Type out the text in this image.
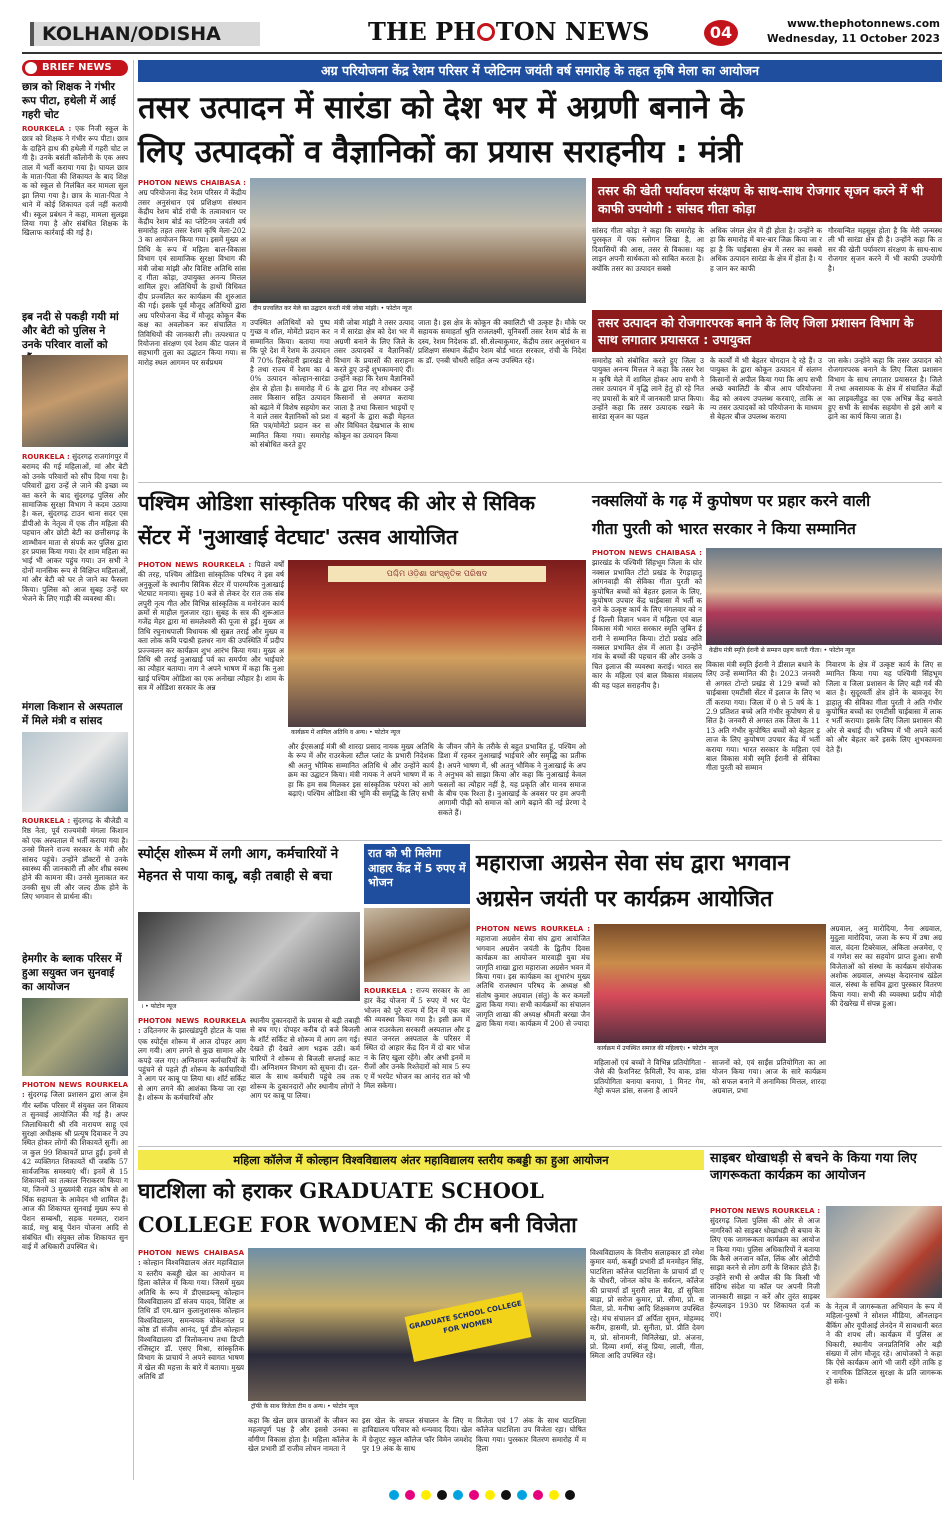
KOLHAN/ODISHA	THE PH TON NEWS	04	www.thephotonnews.com
Wednesday, 11 October 2023
BRIEF NEWS
छात्र को शिक्षक ने गंभीर रूप पीटा, हथेली में आई गहरी चोट
ROURKELA : एक निजी स्कूल के छात्र को शिक्षक ने गंभीर रूप पीटा। छात्र के दाहिने हाथ की हथेली में गहरी चोट लगी है। उनके बसंती कॉलोनी के एक अस्पताल में भर्ती कराया गया है। घायल छात्र के माता-पिता की शिकायत के बाद शिक्षक को स्कूल से निलंबित कर मामला सुलझा लिया गया है। छात्र के माता-पिता ने थाने में कोई शिकायत दर्ज नहीं करायी थी। स्कूल प्रबंधन ने कहा, मामला सुलझा लिया गया है और संबंधित शिक्षक के खिलाफ कार्रवाई की गई है।
इब नदी से पकड़ी गयी मां और बेटी को पुलिस ने उनके परिवार वालों को
ROURKELA : सुंदरगढ़ राजगांगपुर में बरामद की गई महिलाओं, मां और बेटी को उनके परिवारों को सौंप दिया गया है। परिवारों द्वारा उन्हें ले जाने की इच्छा व्यक्त करने के बाद सुंदरगढ़ पुलिस और सामाजिक सुरक्षा विभाग ने कदम उठाया है। कल, सुंदरगढ़ टाउन थाना सदर एसडीपीओ के नेतृत्व में एक तीन महिला की पहचान और छोटी बेटी का छत्तीसगढ़ के शाम्भीवन माता से संपर्क कर पुलिस द्वारा हर प्रयास किया गया। देर शाम महिला का भाई भी आकर पहुंच गया। उन सभी ने दोनों मानसिक रूप से विक्षिप्त महिलाओं, मां और बेटी को घर ले जाने का फैसला किया। पुलिस को आज सुबह उन्हें घर भेजने के लिए गाड़ी की व्यवस्था की।
मंगला किशान से अस्पताल में मिले मंत्री व सांसद
ROURKELA : सुंदरगढ़ के बीजेडी वरिष्ठ नेता, पूर्व राज्यमंत्री मंगला किशान को एक अस्पताल में भर्ती कराया गया है। उनसे मिलने राज्य सरकार के मंत्री और सांसद पहुंचे। उन्होंने डॉक्टरों से उनके स्वास्थ्य की जानकारी ली और शीघ्र स्वस्थ होने की कामना की। उनसे मुलाकात कर उनकी सुध ली और जल्द ठीक होने के लिए भगवान से प्रार्थना की।
हेमगीर के ब्लाक परिसर में हुआ सयुक्त जन सुनवाई का आयोजन
PHOTON NEWS ROURKELA : सुंदरगढ़ जिला प्रशासन द्वारा आज हेमगीर ब्लॉक परिसर में संयुक्त जन शिकायत सुनवाई आयोजित की गई है। अपर जिलाधिकारी श्री रवि नारायण साहू एवं सुरक्षा अधीक्षक श्री प्रत्यूष दिवाकर ने उपस्थित होकर लोगों की शिकायतें सुनीं। आज कुल 99 शिकायतें प्राप्त हुईं। इनमें से 42 व्यक्तिगत शिकायतें थीं जबकि 57 सार्वजनिक समस्याएं थीं। इनमें से 15 शिकायतों का तत्काल निराकरण किया गया, जिनमें 3 मुख्यमंत्री राहत कोष से आर्थिक सहायता के आवेदन भी शामिल हैं। आज की शिकायत सुनवाई मुख्य रूप से पेंशन सम्बन्धी, सड़क मरम्मत, राशन कार्ड, मधु बाबू पेंशन योजना आदि से संबंधित थीं। संयुक्त लोक शिकायत सुनवाई में अधिकारी उपस्थित थे।
अग्र परियोजना केंद्र रेशम परिसर में प्लेटिनम जयंती वर्ष समारोह के तहत कृषि मेला का आयोजन
तसर उत्पादन में सारंडा को देश भर में अग्रणी बनाने के
लिए उत्पादकों व वैज्ञानिकों का प्रयास सराहनीय : मंत्री
PHOTON NEWS CHAIBASA : अग्र परियोजना केंद्र रेशम परिसर में केंद्रीय तसर अनुसंधान एवं प्रशिक्षण संस्थान केंद्रीय रेशम बोर्ड रांची के तत्वावधान पर केंद्रीय रेशम बोर्ड का प्लेटिनम जयंती वर्ष समारोह तहत तसर रेशम कृषि मेला-2023 का आयोजन किया गया। इसमें मुख्य अतिथि के रूप में महिला बाल-विकास विभाग एवं सामाजिक सुरक्षा विभाग की मंत्री जोबा मांझी और विशिष्ट अतिथि सांसद गीता कोड़ा, उपायुक्त अनन्य मित्तल शामिल हुए। अतिथियों के हाथों विधिवत दीप प्रज्वलित कर कार्यक्रम की शुरुआत की गई। इसके पूर्व मौजूद अतिथियों द्वारा अग्र परियोजना केंद्र में मौजूद कोकून बैंक कक्ष का अवलोकन कर संचालित गतिविधियों की जानकारी ली। तत्पश्चात परियोजना संरक्षण एवं रेशम कीट पालन में सहभागी तुला का उद्घाटन किया गया। समारोह स्थल आगमन पर सर्वप्रथम
दीप प्रज्वलित कर मेले का उद्घाटन करती मंत्री जोबा मांझी। • फोटोन न्यूज
उपस्थित अतिथियों को पुष्प गुच्छ व शॉल, मोमेंटो प्रदान कर सम्मानित किया। बताया गया कि पूरे देश में रेशम के उत्पादन में 70% हिस्सेदारी झारखंड से है तथा राज्य में रेशम का 40% उत्पादन कोल्हान-सारंडा क्षेत्र से होता है। समारोह में 6 तसर किसान सहित उत्पादन को बढ़ाने में विशेष सहयोग करने वाले तसर वैज्ञानिकों को प्रशस्ति पत्र/मोमेंटो प्रदान कर सम्मानित किया गया। समारोह को संबोधित करते हुए
मंत्री जोबा मांझी ने तसर उत्पादन में सारंडा क्षेत्र को देश भर में अग्रणी बनाने के लिए जिले के तसर उत्पादकों व वैज्ञानिकों/विभाग के प्रयासों की सराहना करते हुए उन्हें शुभकामनाएं दीं। उन्होंने कहा कि रेशम वैज्ञानिकों के द्वारा नित नए शोधकर उन्हें किसानों से अवगत कराया जाता है तथा किसान भाइयों एवं बहनों के द्वारा कड़ी मेहनत और विधिवत देखभाल के साथ कोकून का उत्पादन किया
जाता है। इस क्षेत्र के कोकून की क्वालिटी भी उत्कृष्ट है। मौके पर सहायक समाहर्ता श्रुति राजलक्ष्मी, यूनिवर्सी तसर रेशम बोर्ड के सदस्य, रेशम निदेशक डॉ. सी.सेल्वाकुमार, केंद्रीय तसर अनुसंधान व प्रशिक्षण संस्थान केंद्रीय रेशम बोर्ड भारत सरकार, रांची के निदेशक डॉ. एनबी चौधरी सहित अन्य उपस्थित रहे।
तसर की खेती पर्यावरण संरक्षण के साथ-साथ रोजगार सृजन करने में भी काफी उपयोगी : सांसद गीता कोड़ा
सांसद गीता कोड़ा ने कहा कि समारोह के पुरस्कृत में एक स्लोगन लिखा है, आदिवासियों की आस, तसर से विकास। यह लाइन अपनी सार्थकता को साबित करता है। क्योंकि तसर का उत्पादन सबसे
अधिक जंगल क्षेत्र में ही होता है। उन्होंने कहा कि समारोह में बार-बार जिक्र किया जा रहा है कि चाईबासा क्षेत्र में तसर का सबसे अधिक उत्पादन सारंडा के क्षेत्र में होता है। यह जान कर काफी
गौरवान्वित महसूस होता है कि मेरी जन्मस्थली भी सारंडा क्षेत्र ही है। उन्होंने कहा कि तसर की खेती पर्यावरण संरक्षण के साथ-साथ रोजगार सृजन करने में भी काफी उपयोगी है।
तसर उत्पादन को रोजगारपरक बनाने के लिए जिला प्रशासन विभाग के साथ लगातार प्रयासरत : उपायुक्त
समारोह को संबोधित करते हुए जिला उपायुक्त अनन्य मित्तल ने कहा कि तसर रेशम कृषि मेले में शामिल होकर आप सभी ने तसर उत्पादन में वृद्धि लाने हेतु हो रहे नित नए प्रयासों के बारे में जानकारी प्राप्त किया। उन्होंने कहा कि तसर उत्पादक रखने के सारंडा सृजन का पहल
के कार्यों में भी बेहतर योगदान दे रहे हैं। उपायुक्त के द्वारा कोकून उत्पादन में संलग्न किसानों से अपील किया गया कि आप सभी अच्छे क्वालिटी के बीज आप परियोजना केंद्र को अवश्य उपलब्ध करवाएं, ताकि अन्य तसर उत्पादकों को परियोजना के माध्यम से बेहतर बीज उपलब्ध कराया
जा सके। उन्होंने कहा कि तसर उत्पादन को रोजगारपरक बनाने के लिए जिला प्रशासन विभाग के साथ लगातार प्रयासरत है। जिले में तथा अवसायक के क्षेत्र में संचालित केंद्रों का लाइवलीहुड का एक अभिन्न केंद्र बनाते हुए सभी के सार्थक सहयोग से इसे आगे बढ़ाने का कार्य किया जाता है।
पश्चिम ओडिशा सांस्कृतिक परिषद की ओर से सिविक
सेंटर में 'नुआखाई वेटघाट' उत्सव आयोजित
PHOTON NEWS ROURKELA : पिछले वर्षों की तरह, पश्चिम ओडिशा सांस्कृतिक परिषद ने इस वर्ष अनुकूलों के स्थानीय सिविक सेंटर में पारम्परिक नुआखाई भेटघाट मनाया। सुबह 10 बजे से लेकर देर रात तक संबलपुरी नृत्य गीत और विभिन्न सांस्कृतिक व मनोरंजन कार्यक्रमों से माहौल गुलजार रहा। सुबह के सत्र की शुरूआत गजेंद्र मेहर द्वारा मां समलेश्वरी की पूजा से हुई। मुख्य अतिथि रघुनाथपाली विधायक श्री सुब्रत तराई और मुख्य वक्ता लोक कवि पद्मश्री हलधर नाग की उपस्थिति में प्रदीप प्रज्ज्वलन कर कार्यक्रम शुभ आरंभ किया गया। मुख्य अतिथि श्री तराई नुआखाई पर्व का समर्पण और भाईचारे का त्यौहार बताया। नाग ने अपने भाषण में कहा कि नुआखाई पश्चिम ओडिशा का एक अनोखा त्यौहार है। शाम के सत्र में ओडिशा सरकार के अन्न
ପଶ୍ଚିମ ଓଡ଼ିଶା ସାଂସ୍କୃତିକ ପରିଷଦ
कार्यक्रम में शामिल अतिथि व अन्य। • फोटोन न्यूज
और ईएसआई मंत्री श्री शारदा प्रसाद नायक मुख्य अतिथि के रूप में और राउरकेला स्टील प्लांट के प्रभारी निदेशक श्री अतनु भौमिक सम्मानित अतिथि थे और उन्होंने कार्यक्रम का उद्घाटन किया। मंत्री नायक ने अपने भाषण में कहा कि हम सब मिलकर इस सांस्कृतिक परंपरा को आगे बढ़ाएं। पश्चिम ओडिशा की भूमि की समृद्धि के लिए सभी
के जीवन जीने के तरीके से बहुत प्रभावित हूं, पश्चिम ओडिशा में रहकर नुआखाई भाईचारे और समृद्धि का प्रतीक है। अपने भाषण में, श्री अतनु भौमिक ने नुआखाई के अपने अनुभव को साझा किया और कहा कि नुआखाई केवल फसलों का त्यौहार नहीं है, यह प्रकृति और मानव समाज के बीच एक रिश्ता है। नुआखाई के अवसर पर हम अपनी आगामी पीढ़ी को समाज को आगे बढ़ाने की नई प्रेरणा दे सकते हैं।
नक्सलियों के गढ़ में कुपोषण पर प्रहार करने वाली
गीता पुरती को भारत सरकार ने किया सम्मानित
PHOTON NEWS CHAIBASA : झारखंड के पश्चिमी सिंहभूम जिला के घोर नक्सल प्रभावित टोंटो प्रखंड के रेंगड़ाहातु आंगनवाड़ी की सेविका गीता पुरती को कुपोषित बच्चों को बेहतर इलाज के लिए, कुपोषण उपचार केंद्र चाईबासा में भर्ती कराने के उत्कृष्ट कार्य के लिए मंगलवार को नई दिल्ली विज्ञान भवन में महिला एवं बाल विकास मंत्री भारत सरकार स्मृति जुबिन ईरानी ने सम्मानित किया। टोटो प्रखंड अति नक्सल प्रभावित क्षेत्र में आता है। उन्होंने गांव के बच्चों की पहचान की और उनके उचित इलाज की व्यवस्था कराई। भारत सरकार के महिला एवं बाल विकास मंत्रालय की यह पहल सराहनीय है।
केंद्रीय मंत्री स्मृति ईरानी से सम्मान ग्रहण करती गीता। • फोटोन न्यूज
विकास मंत्री स्मृति ईरानी ने डीसाल बधाने के लिए उन्हें सम्मानित की है। 2023 जनवरी से अगस्त टोन्टो प्रखंड से 129 बच्चों को चाईबासा एमटीसी सेंटर में इलाज के लिए भर्ती कराया गया। जिला में 0 से 5 वर्ष के 12.9 प्रतिशत बच्चे अति गंभीर कुपोषण से ग्रसित है। जनवरी से अगस्त तक जिला के 1113 अति गंभीर कुपोषित बच्चों को बेहतर इलाज के लिए कुपोषण उपचार केंद्र में भर्ती कराया गया। भारत सरकार के महिला एवं बाल विकास मंत्री स्मृति ईरानी से सेविका गीता पुरती को सम्मान
निवारण के क्षेत्र में उत्कृष्ट कार्य के लिए सम्मानित किया गया यह पश्चिमी सिंहभूम जिला व जिला प्रशासन के लिए बड़ी गर्व की बात है। सुदूरवर्ती क्षेत्र होने के बावजूद रेंगड़ाहातु की सेविका गीता पुरती ने अति गंभीर कुपोषित बच्चों का एमटीसी चाईबासा में लाकर भर्ती कराया। इसके लिए जिला प्रशासन की ओर से बधाई दी। भविष्य में भी अपने कार्य को और बेहतर करें इसके लिए शुभकामना देते हैं।
स्पोर्ट्स शोरूम में लगी आग, कर्मचारियों ने मेहनत से पाया काबू, बड़ी तबाही से बचा
। • फोटोन न्यूज
PHOTON NEWS ROURKELA : उदितनगर के झारखंडपुरी होटल के पास एक स्पोर्ट्स शोरूम में आज दोपहर आग लग गयी। आग लगने से कुछ सामान और कपड़े जल गए। अग्निशमन कर्मचारियों के पहुंचने से पहले ही शोरूम के कर्मचारियों ने आग पर काबू पा लिया था। शॉर्ट सर्किट से आग लगने की आशंका किया जा रहा है। शोरूम के कर्मचारियों और
स्थानीय दुकानदारों के प्रयास से बड़ी तबाही से बच गए। दोपहर करीब दो बजे बिजली के शॉर्ट सर्किट से शोरूम में आग लग गई। देखते ही देखते आग भड़क उठी। कर्मचारियों ने शोरूम से बिजली सप्लाई काट दी। अग्निशमन विभाग को सूचना दी। दल-बाल के साथ कर्मचारी पहुंचे तब तक शोरूम के दुकानदारों और स्थानीय लोगों ने आग पर काबू पा लिया।
रात को भी मिलेगा आहार केंद्र में 5 रुपए में भोजन
ROURKELA : राज्य सरकार के आहार केंद्र योजना में 5 रुपए में भर पेट भोजन को पूरे राज्य में दिन में एक बार की व्यवस्था किया गया है। इसी क्रम में आज राउरकेला सरकारी अस्पताल और इस्पात जनरल अस्पताल के परिसर में स्थित दो आहार केंद्र दिन में दो बार भोजन के लिए खुला रहेंगे। और अभी इनमें मरीजों और उनके रिश्तेदारों को मात्र 5 रुपए में भरपेट भोजन का आनंद रात को भी मिल सकेगा।
महाराजा अग्रसेन सेवा संघ द्वारा भगवान
अग्रसेन जयंती पर कार्यक्रम आयोजित
PHOTON NEWS ROURKELA : महाराजा अग्रसेन सेवा संघ द्वारा आयोजित भगवान अग्रसेन जयंती के द्वितीय दिवस कार्यक्रम का आयोजन मारवाड़ी युवा मंच जागृति शाखा द्वारा महाराजा अग्रसेन भवन में किया गया। इस कार्यक्रम का शुभारंभ मुख्य अतिथि राजस्थान परिषद के अध्यक्ष श्री संतोष कुमार अग्रवाल (संतु) के कर कमलों द्वारा किया गया। सभी कार्यक्रमों का संचालन जागृति शाखा की अध्यक्ष श्रीमती बरखा जैन द्वारा किया गया। कार्यक्रम में 200 से ज्यादा
कार्यक्रम में उपस्थित समाज की महिलाएं। • फोटोन न्यूज
महिलाओं एवं बच्चों ने विभिन्न प्रतियोगिता - जैसे की फ़ैशनिस्ट फ़ैमिली, रैंप वाक, डांस प्रतियोगिता बनाया बनाया, 1 मिनट गेम, गेट्टो कपल डांस, सजना है आपने
साजनों को, एवं साईंस प्रतियोगिता का आयोजन किया गया। आज के सारे कार्यक्रम को सफल बनाने में अनामिका मित्तल, शारदा अग्रवाल, प्रभा
अग्रवाल, अनु मारोदिया, नैना अग्रवाल, मुदुला मारोदिया, जजा के रूप में उषा अग्रवाल, वंदना टिबरेवाल, अंकिता अजमेरा, एवं गणेश सर का सहयोग प्राप्त हुआ। सभी विजेताओं को संस्था के कार्यक्रम संयोजक अशोक अग्रवाल, अध्यक्ष केदारनाथ खंडेलवाल, संस्था के सचिव द्वारा पुरस्कार वितरण किया गया। सभी की व्यवस्था प्रदीप मोदी की देखरेख में संपन्न हुआ।
महिला कॉलेज में कोल्हान विश्वविद्यालय अंतर महाविद्यालय स्तरीय कबड्डी का हुआ आयोजन
घाटशिला को हराकर GRADUATE SCHOOL
COLLEGE FOR WOMEN की टीम बनी विजेता
PHOTON NEWS CHAIBASA : कोल्हान विश्वविद्यालय अंतर महाविद्यालय स्तरीय कबड्डी खेल का आयोजन महिला कॉलेज में किया गया। जिसमें मुख्य अतिथि के रूप में डीएसडब्ल्यू कोल्हान विश्वविद्यालय डॉ संजय यादव, विशिष्ट अतिथि डॉ एम.खान कुलानुशासक कोल्हान विश्वविद्यालय, समन्वयक वोकेशनल प्रकोष्ठ डॉ संजीव आनंद, पूर्व डीन कोल्हान विश्वविद्यालय डॉ त्रिलोकनाथ तथा डिप्टी रजिस्ट्रार डॉ. एसए मिश्रा, सांस्कृतिक विभाग के प्राचार्य ने अपने स्वागत भाषण में खेल की महत्ता के बारे में बताया। मुख्य अतिथि डॉ
GRADUATE SCHOOL COLLEGE FOR WOMEN
ट्रॉफी के साथ विजेता टीम व अन्य। • फोटोन न्यूज
कहा कि खेल छात्र छात्राओं के जीवन का महत्वपूर्ण पक्ष है और इससे उनका सर्वांगीण विकास होता है। महिला कॉलेज के खेल प्रभारी डॉ राजीव लोचन नामता ने
इस खेल के सफल संचालन के लिए महाविद्यालय परिवार को धन्यवाद दिया। खेल में ग्रेजुएट स्कूल कॉलेज फॉर विमेन जमशेदपुर 19 अंक के साथ
विजेता एवं 17 अंक के साथ घाटशिला कॉलेज घाटशिला उप विजेता रहा। घोषित किया गया। पुरस्कार वितरण समारोह में महिला
विश्वविद्यालय के वित्तीय सलाहकार डॉ रमेश कुमार वर्मा, कबड्डी प्रभारी डॉ मनमोहन सिंह, घाटशिला कॉलेज घाटशिला के प्राचार्य डॉ एके चौधरी, जोनल कोच के सर्वरत्न, कॉलेज की प्राचार्या डॉ मुरारी लाल बैद्य, डॉ सुचिता बाड़ा, प्रो सरोज कुमार, प्रो. सीमा, प्रो. सविता, प्रो. मनीषा आदि शिक्षकगण उपस्थित रहे। मंच संचालन डॉ अर्पिता सुमन, मोहम्मद करीम, हासमी, प्रो. सुनीता, प्रो. प्रीति देवगम, प्रो. सोनामनी, मिनिलेखा, प्रो. अंजना, प्रो. दिव्या शर्मा, संजू प्रिया, लाली, गीता, स्मिता आदि उपस्थित रहे।
साइबर धोखाधड़ी से बचने के किया गया लिए जागरूकता कार्यक्रम का आयोजन
PHOTON NEWS ROURKELA : सुंदरगढ़ जिला पुलिस की ओर से आज नागरिकों को साइबर धोखाधड़ी से बचाव के लिए एक जागरूकता कार्यक्रम का आयोजन किया गया। पुलिस अधिकारियों ने बताया कि कैसे अनजान कॉल, लिंक और ओटीपी साझा करने से लोग ठगी के शिकार होते हैं। उन्होंने सभी से अपील की कि किसी भी संदिग्ध संदेश या कॉल पर अपनी निजी जानकारी साझा न करें और तुरंत साइबर हेल्पलाइन 1930 पर शिकायत दर्ज कराएं।
के नेतृत्व में जागरूकता अभियान के रूप में महिला-पुरुषों ने सोशल मीडिया, ऑनलाइन बैंकिंग और यूपीआई लेनदेन में सावधानी बरतने की शपथ ली। कार्यक्रम में पुलिस अधिकारी, स्थानीय जनप्रतिनिधि और बड़ी संख्या में लोग मौजूद रहे। आयोजकों ने कहा कि ऐसे कार्यक्रम आगे भी जारी रहेंगे ताकि हर नागरिक डिजिटल सुरक्षा के प्रति जागरूक हो सके।
